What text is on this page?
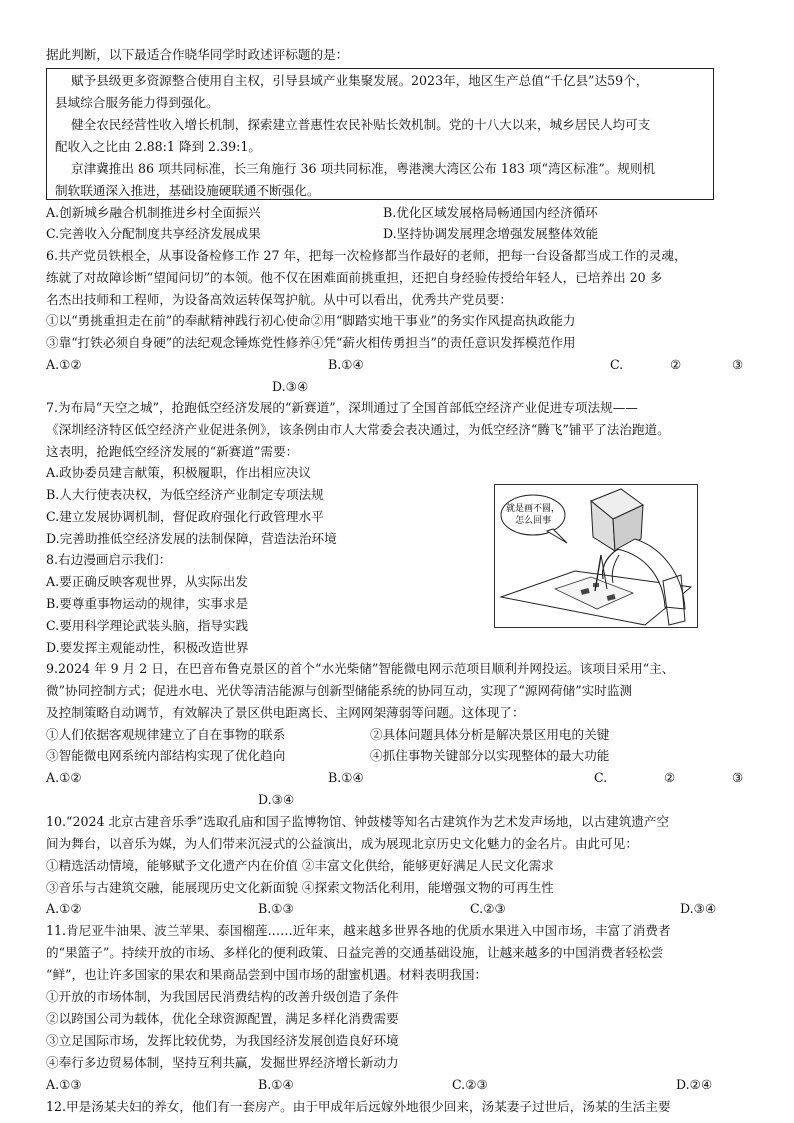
据此判断，以下最适合作晓华同学时政述评标题的是：
赋予县级更多资源整合使用自主权，引导县域产业集聚发展。2023年，地区生产总值“千亿县”达59个，
县域综合服务能力得到强化。
健全农民经营性收入增长机制，探索建立普惠性农民补贴长效机制。党的十八大以来，城乡居民人均可支
配收入之比由 2.88:1 降到 2.39:1。
京津冀推出 86 项共同标准，长三角施行 36 项共同标准，粤港澳大湾区公布 183 项“湾区标准”。规则机
制软联通深入推进，基础设施硬联通不断强化。
A.创新城乡融合机制推进乡村全面振兴	B.优化区域发展格局畅通国内经济循环
C.完善收入分配制度共享经济发展成果	D.坚持协调发展理念增强发展整体效能
6.共产党员铁根全，从事设备检修工作 27 年，把每一次检修都当作最好的老师，把每一台设备都当成工作的灵魂，
练就了对故障诊断“望闻问切”的本领。他不仅在困难面前挑重担，还把自身经验传授给年轻人，已培养出 20 多
名杰出技师和工程师，为设备高效运转保驾护航。从中可以看出，优秀共产党员要：
①以“勇挑重担走在前”的奉献精神践行初心使命②用“脚踏实地干事业”的务实作风提高执政能力
③靠“打铁必须自身硬”的法纪观念锤炼党性修养④凭“薪火相传勇担当”的责任意识发挥模范作用
A.①②	B.①④	C.	②	③
D.③④
7.为布局“天空之城”，抢跑低空经济发展的“新赛道”，深圳通过了全国首部低空经济产业促进专项法规——
《深圳经济特区低空经济产业促进条例》，该条例由市人大常委会表决通过，为低空经济“腾飞”铺平了法治跑道。
这表明，抢跑低空经济发展的“新赛道”需要：
A.政协委员建言献策，积极履职，作出相应决议
B.人大行使表决权，为低空经济产业制定专项法规
C.建立发展协调机制，督促政府强化行政管理水平
D.完善助推低空经济发展的法制保障，营造法治环境
8.右边漫画启示我们：
A.要正确反映客观世界，从实际出发
B.要尊重事物运动的规律，实事求是
C.要用科学理论武装头脑，指导实践
D.要发挥主观能动性，积极改造世界
就是画不圆，
怎么回事
9.2024 年 9 月 2 日，在巴音布鲁克景区的首个“水光柴储”智能微电网示范项目顺利并网投运。该项目采用“主、
微”协同控制方式；促进水电、光伏等清洁能源与创新型储能系统的协同互动，实现了“源网荷储”实时监测
及控制策略自动调节，有效解决了景区供电距离长、主网网架薄弱等问题。这体现了：
①人们依据客观规律建立了自在事物的联系	②具体问题具体分析是解决景区用电的关键
③智能微电网系统内部结构实现了优化趋向	④抓住事物关键部分以实现整体的最大功能
A.①②	B.①④	C.	②	③
D.③④
10.“2024 北京古建音乐季”选取孔庙和国子监博物馆、钟鼓楼等知名古建筑作为艺术发声场地，以古建筑遗产空
间为舞台，以音乐为媒，为人们带来沉浸式的公益演出，成为展现北京历史文化魅力的金名片。由此可见：
①精选活动情境，能够赋予文化遗产内在价值 ②丰富文化供给，能够更好满足人民文化需求
③音乐与古建筑交融，能展现历史文化新面貌 ④探索文物活化利用，能增强文物的可再生性
A.①②	B.①③	C.②③	D.③④
11.肯尼亚牛油果、波兰苹果、泰国榴莲……近年来，越来越多世界各地的优质水果进入中国市场，丰富了消费者
的“果篮子”。持续开放的市场、多样化的便利政策、日益完善的交通基础设施，让越来越多的中国消费者轻松尝
“鲜”，也让许多国家的果农和果商品尝到中国市场的甜蜜机遇。材料表明我国：
①开放的市场体制，为我国居民消费结构的改善升级创造了条件
②以跨国公司为载体，优化全球资源配置，满足多样化消费需要
③立足国际市场，发挥比较优势，为我国经济发展创造良好环境
④奉行多边贸易体制，坚持互利共赢，发掘世界经济增长新动力
A.①③	B.①④	C.②③	D.②④
12.甲是汤某夫妇的养女，他们有一套房产。由于甲成年后远嫁外地很少回来，汤某妻子过世后，汤某的生活主要
